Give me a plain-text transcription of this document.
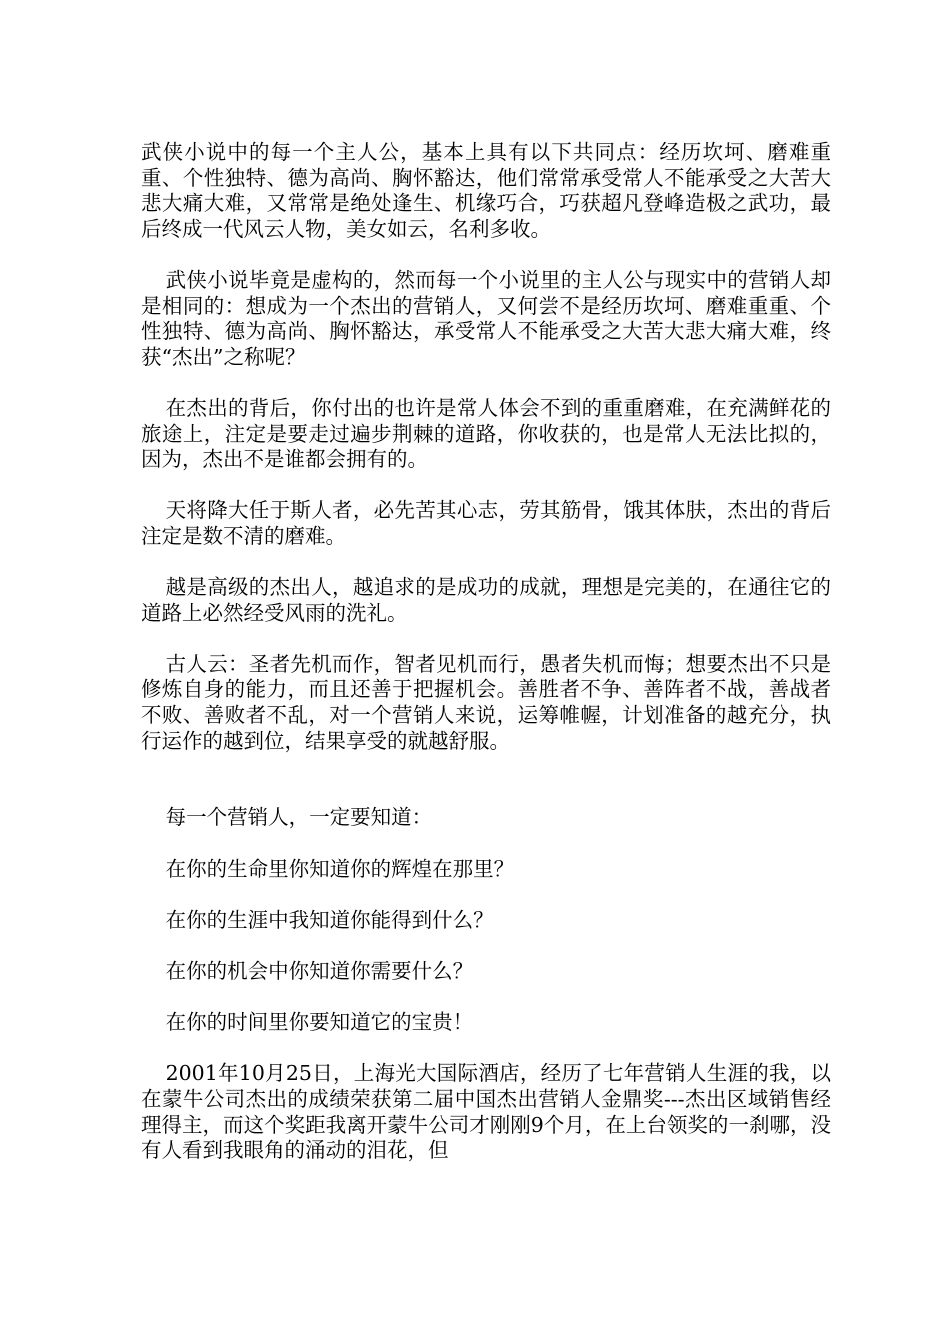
武侠小说中的每一个主人公，基本上具有以下共同点：经历坎坷、磨难重重、个性独特、德为高尚、胸怀豁达，他们常常承受常人不能承受之大苦大悲大痛大难，又常常是绝处逢生、机缘巧合，巧获超凡登峰造极之武功，最后终成一代风云人物，美女如云，名利多收。

武侠小说毕竟是虚构的，然而每一个小说里的主人公与现实中的营销人却是相同的：想成为一个杰出的营销人，又何尝不是经历坎坷、磨难重重、个性独特、德为高尚、胸怀豁达，承受常人不能承受之大苦大悲大痛大难，终获“杰出”之称呢？

在杰出的背后，你付出的也许是常人体会不到的重重磨难，在充满鲜花的旅途上，注定是要走过遍步荆棘的道路，你收获的，也是常人无法比拟的，因为，杰出不是谁都会拥有的。

天将降大任于斯人者，必先苦其心志，劳其筋骨，饿其体肤，杰出的背后注定是数不清的磨难。

越是高级的杰出人，越追求的是成功的成就，理想是完美的，在通往它的道路上必然经受风雨的洗礼。

古人云：圣者先机而作，智者见机而行，愚者失机而悔；想要杰出不只是修炼自身的能力，而且还善于把握机会。善胜者不争、善阵者不战，善战者不败、善败者不乱，对一个营销人来说，运筹帷幄，计划准备的越充分，执行运作的越到位，结果享受的就越舒服。

每一个营销人，一定要知道：

在你的生命里你知道你的辉煌在那里？

在你的生涯中我知道你能得到什么？

在你的机会中你知道你需要什么？

在你的时间里你要知道它的宝贵！

2001年10月25日，上海光大国际酒店，经历了七年营销人生涯的我，以在蒙牛公司杰出的成绩荣获第二届中国杰出营销人金鼎奖---杰出区域销售经理得主，而这个奖距我离开蒙牛公司才刚刚9个月，在上台领奖的一刹哪，没有人看到我眼角的涌动的泪花，但
